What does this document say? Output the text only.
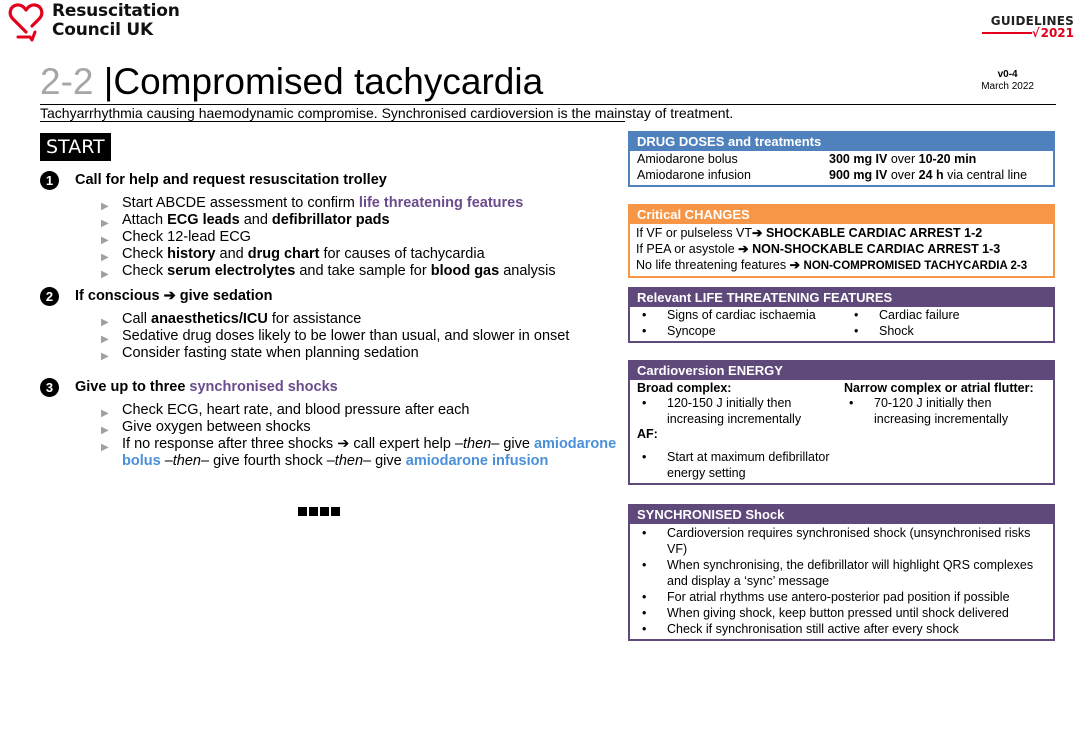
Resuscitation
Council UK	GUIDELINES
√ 2021
v0-4
March 2022
2-2 |Compromised tachycardia
Tachyarrhythmia causing haemodynamic compromise. Synchronised cardioversion is the mainstay of treatment.
START
1	Call for help and request resuscitation trolley
▶ Start ABCDE assessment to confirm life threatening features
▶ Attach ECG leads and defibrillator pads
▶ Check 12-lead ECG
▶ Check history and drug chart for causes of tachycardia
▶ Check serum electrolytes and take sample for blood gas analysis
2	If conscious ➔ give sedation
▶ Call anaesthetics/ICU for assistance
▶ Sedative drug doses likely to be lower than usual, and slower in onset
▶ Consider fasting state when planning sedation
3	Give up to three synchronised shocks
▶ Check ECG, heart rate, and blood pressure after each
▶ Give oxygen between shocks
▶ If no response after three shocks ➔ call expert help –then– give amiodarone bolus –then– give fourth shock –then– give amiodarone infusion
DRUG DOSES and treatments
Amiodarone bolus	300 mg IV over 10-20 min
Amiodarone infusion	900 mg IV over 24 h via central line
Critical CHANGES
If VF or pulseless VT➔ SHOCKABLE CARDIAC ARREST 1-2
If PEA or asystole ➔ NON-SHOCKABLE CARDIAC ARREST 1-3
No life threatening features ➔ NON-COMPROMISED TACHYCARDIA 2-3
Relevant LIFE THREATENING FEATURES
• Signs of cardiac ischaemia	• Cardiac failure
• Syncope	• Shock
Cardioversion ENERGY
Broad complex:
• 120-150 J initially then increasing incrementally
AF:
• Start at maximum defibrillator energy setting
Narrow complex or atrial flutter:
• 70-120 J initially then increasing incrementally
SYNCHRONISED Shock
• Cardioversion requires synchronised shock (unsynchronised risks VF)
• When synchronising, the defibrillator will highlight QRS complexes and display a ‘sync’ message
• For atrial rhythms use antero-posterior pad position if possible
• When giving shock, keep button pressed until shock delivered
• Check if synchronisation still active after every shock
